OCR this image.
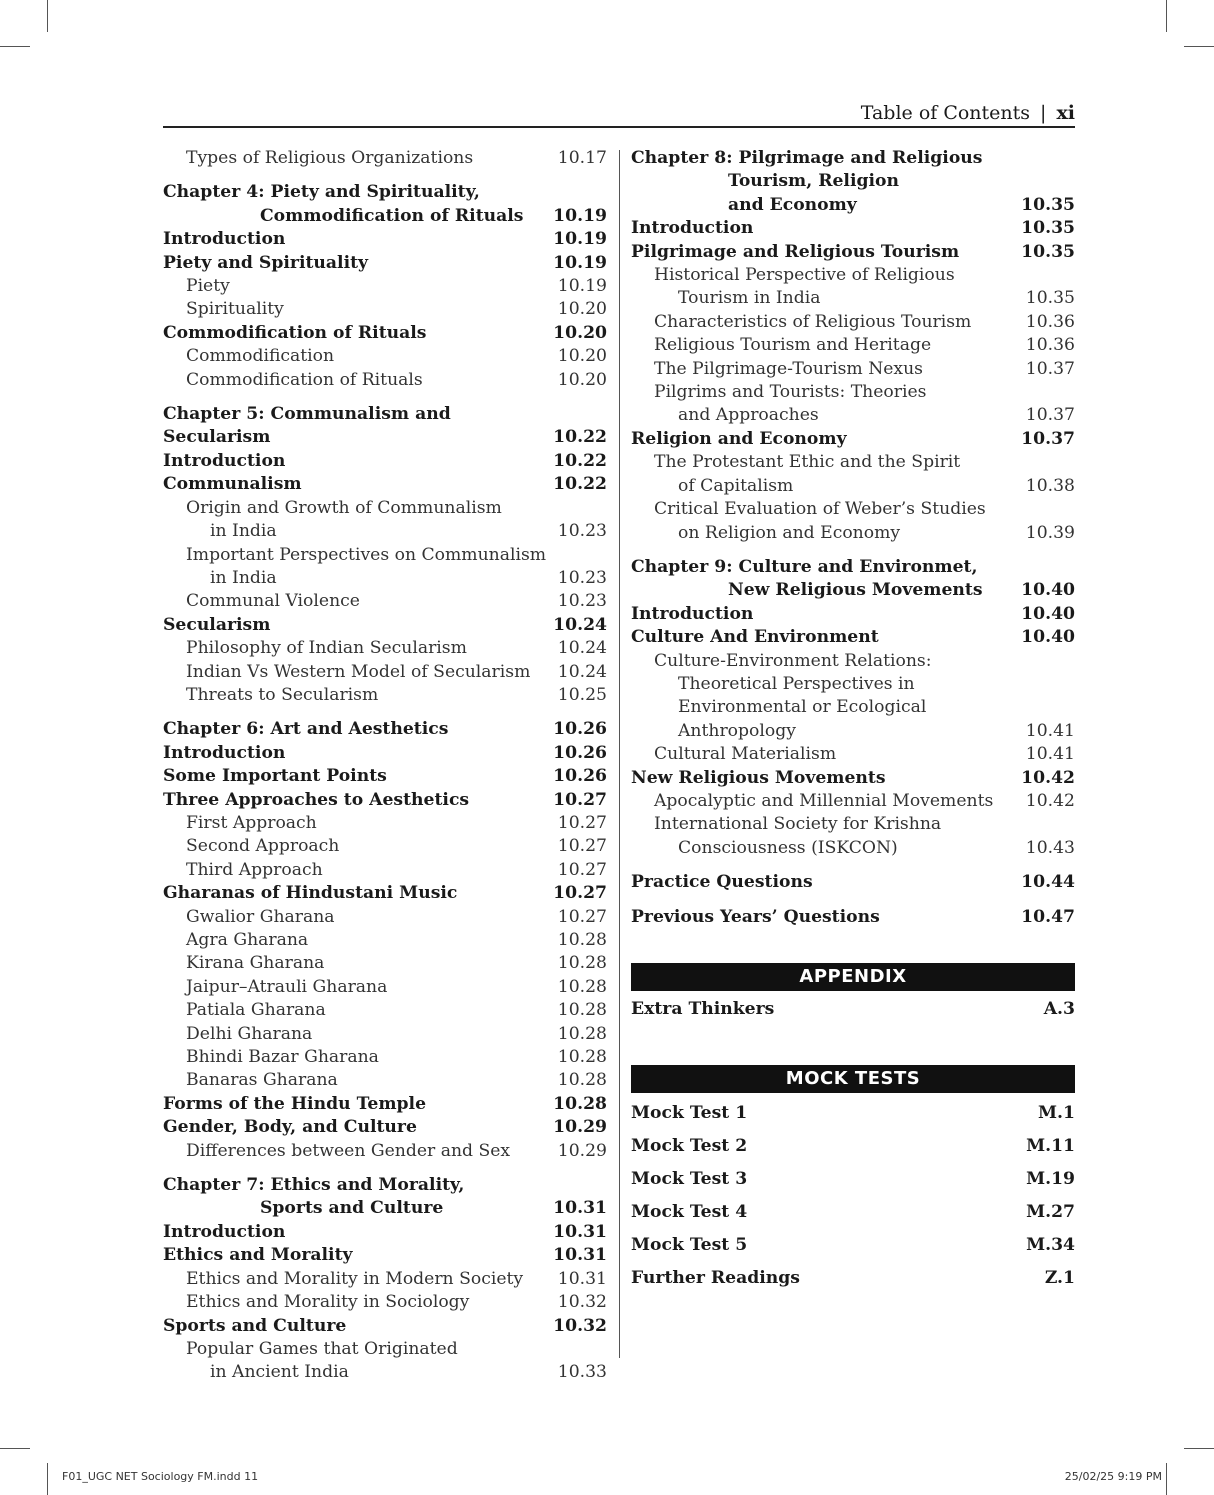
Table of Contents | xi
Types of Religious Organizations	10.17
Chapter 4: Piety and Spirituality,
Commodification of Rituals	10.19
Introduction	10.19
Piety and Spirituality	10.19
Piety	10.19
Spirituality	10.20
Commodification of Rituals	10.20
Commodification	10.20
Commodification of Rituals	10.20
Chapter 5: Communalism and Secularism	10.22
Introduction	10.22
Communalism	10.22
Origin and Growth of Communalism
in India	10.23
Important Perspectives on Communalism
in India	10.23
Communal Violence	10.23
Secularism	10.24
Philosophy of Indian Secularism	10.24
Indian Vs Western Model of Secularism	10.24
Threats to Secularism	10.25
Chapter 6: Art and Aesthetics	10.26
Introduction	10.26
Some Important Points	10.26
Three Approaches to Aesthetics	10.27
First Approach	10.27
Second Approach	10.27
Third Approach	10.27
Gharanas of Hindustani Music	10.27
Gwalior Gharana	10.27
Agra Gharana	10.28
Kirana Gharana	10.28
Jaipur–Atrauli Gharana	10.28
Patiala Gharana	10.28
Delhi Gharana	10.28
Bhindi Bazar Gharana	10.28
Banaras Gharana	10.28
Forms of the Hindu Temple	10.28
Gender, Body, and Culture	10.29
Differences between Gender and Sex	10.29
Chapter 7: Ethics and Morality,
Sports and Culture	10.31
Introduction	10.31
Ethics and Morality	10.31
Ethics and Morality in Modern Society	10.31
Ethics and Morality in Sociology	10.32
Sports and Culture	10.32
Popular Games that Originated
in Ancient India	10.33
Chapter 8: Pilgrimage and Religious
Tourism, Religion
and Economy	10.35
Introduction	10.35
Pilgrimage and Religious Tourism	10.35
Historical Perspective of Religious
Tourism in India	10.35
Characteristics of Religious Tourism	10.36
Religious Tourism and Heritage	10.36
The Pilgrimage-Tourism Nexus	10.37
Pilgrims and Tourists: Theories
and Approaches	10.37
Religion and Economy	10.37
The Protestant Ethic and the Spirit
of Capitalism	10.38
Critical Evaluation of Weber’s Studies
on Religion and Economy	10.39
Chapter 9: Culture and Environmet,
New Religious Movements	10.40
Introduction	10.40
Culture And Environment	10.40
Culture-Environment Relations:
Theoretical Perspectives in
Environmental or Ecological
Anthropology	10.41
Cultural Materialism	10.41
New Religious Movements	10.42
Apocalyptic and Millennial Movements	10.42
International Society for Krishna
Consciousness (ISKCON)	10.43
Practice Questions	10.44
Previous Years’ Questions	10.47
APPENDIX
Extra Thinkers	A.3
MOCK TESTS
Mock Test 1	M.1
Mock Test 2	M.11
Mock Test 3	M.19
Mock Test 4	M.27
Mock Test 5	M.34
Further Readings	Z.1
F01_UGC NET Sociology FM.indd 11	25/02/25 9:19 PM
